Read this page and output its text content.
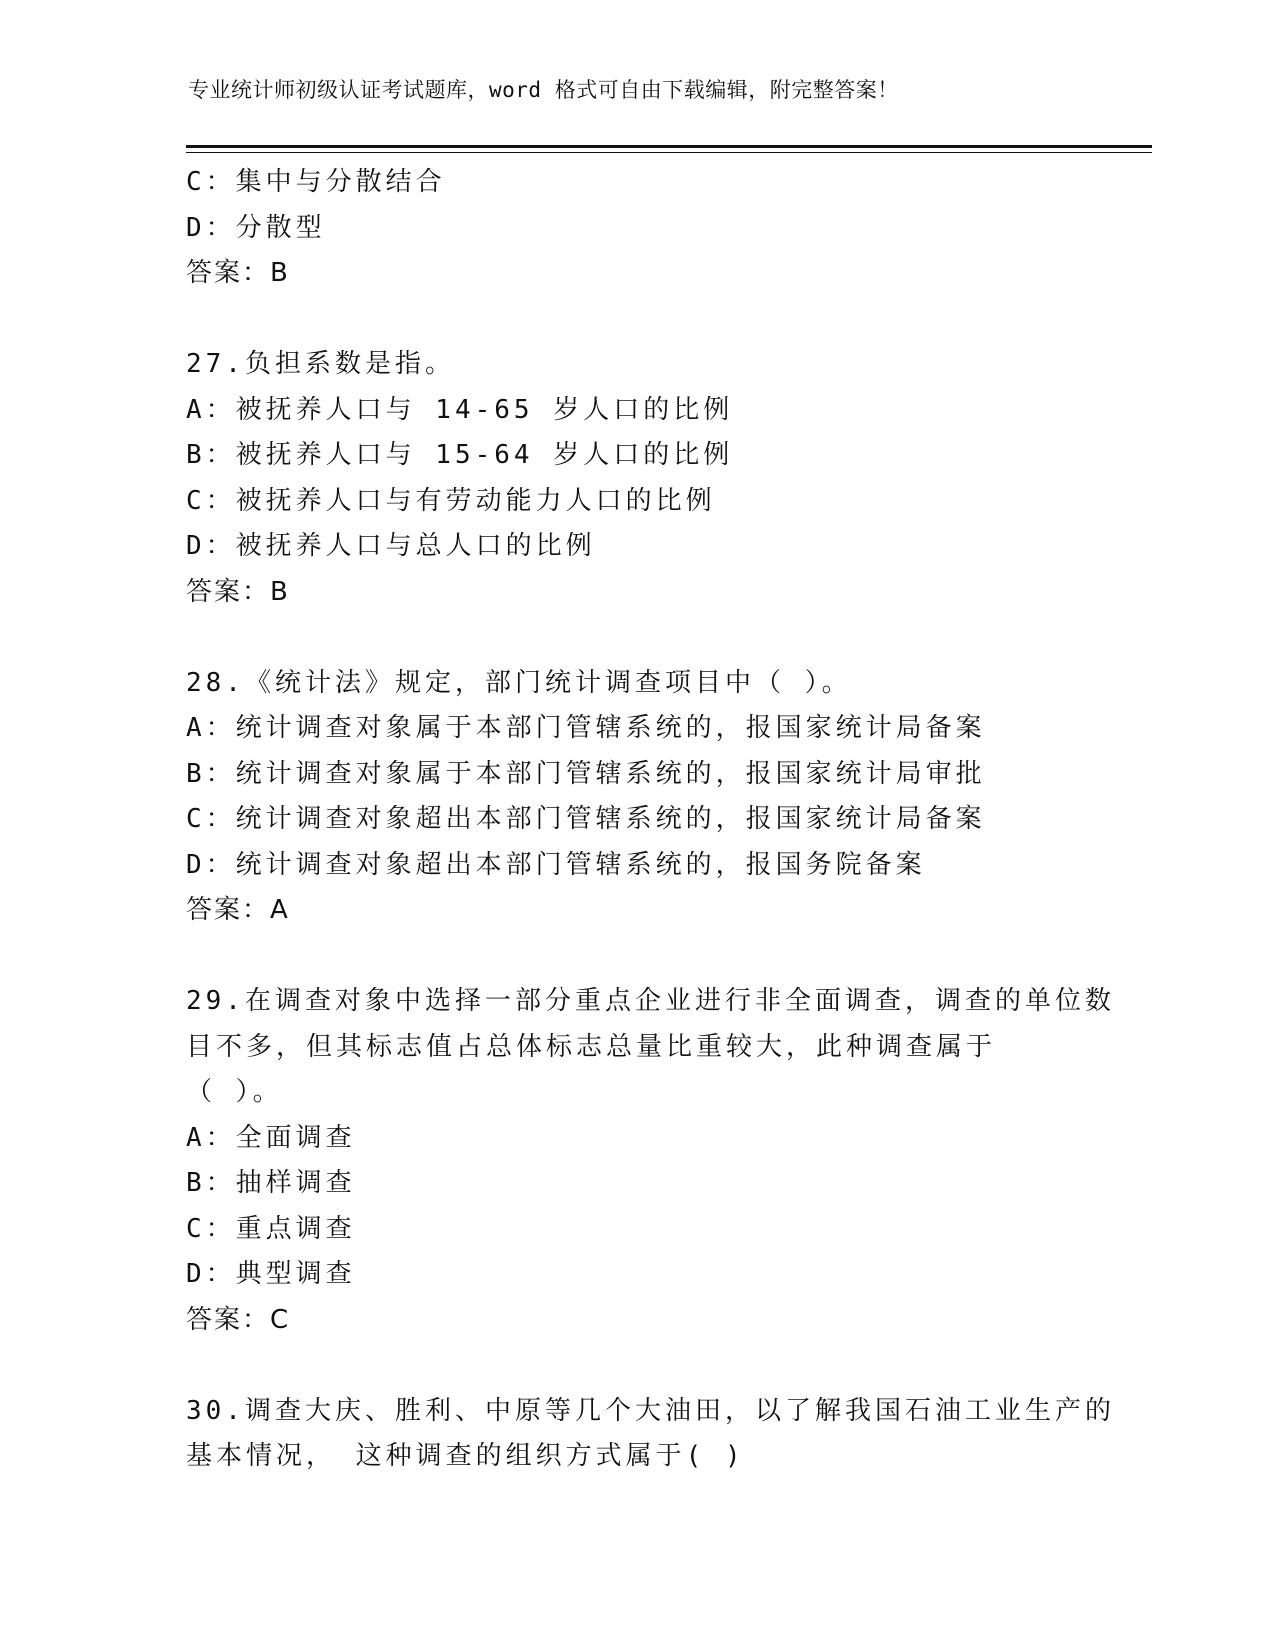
专业统计师初级认证考试题库，word 格式可自由下载编辑，附完整答案！
C：集中与分散结合
D：分散型
答案：B
27.负担系数是指。
A：被抚养人口与 14-65 岁人口的比例
B：被抚养人口与 15-64 岁人口的比例
C：被抚养人口与有劳动能力人口的比例
D：被抚养人口与总人口的比例
答案：B
28.《统计法》规定，部门统计调查项目中（ ）。
A：统计调查对象属于本部门管辖系统的，报国家统计局备案
B：统计调查对象属于本部门管辖系统的，报国家统计局审批
C：统计调查对象超出本部门管辖系统的，报国家统计局备案
D：统计调查对象超出本部门管辖系统的，报国务院备案
答案：A
29.在调查对象中选择一部分重点企业进行非全面调查，调查的单位数
目不多，但其标志值占总体标志总量比重较大，此种调查属于
（ ）。
A：全面调查
B：抽样调查
C：重点调查
D：典型调查
答案：C
30.调查大庆、胜利、中原等几个大油田，以了解我国石油工业生产的
基本情况， 这种调查的组织方式属于( )
